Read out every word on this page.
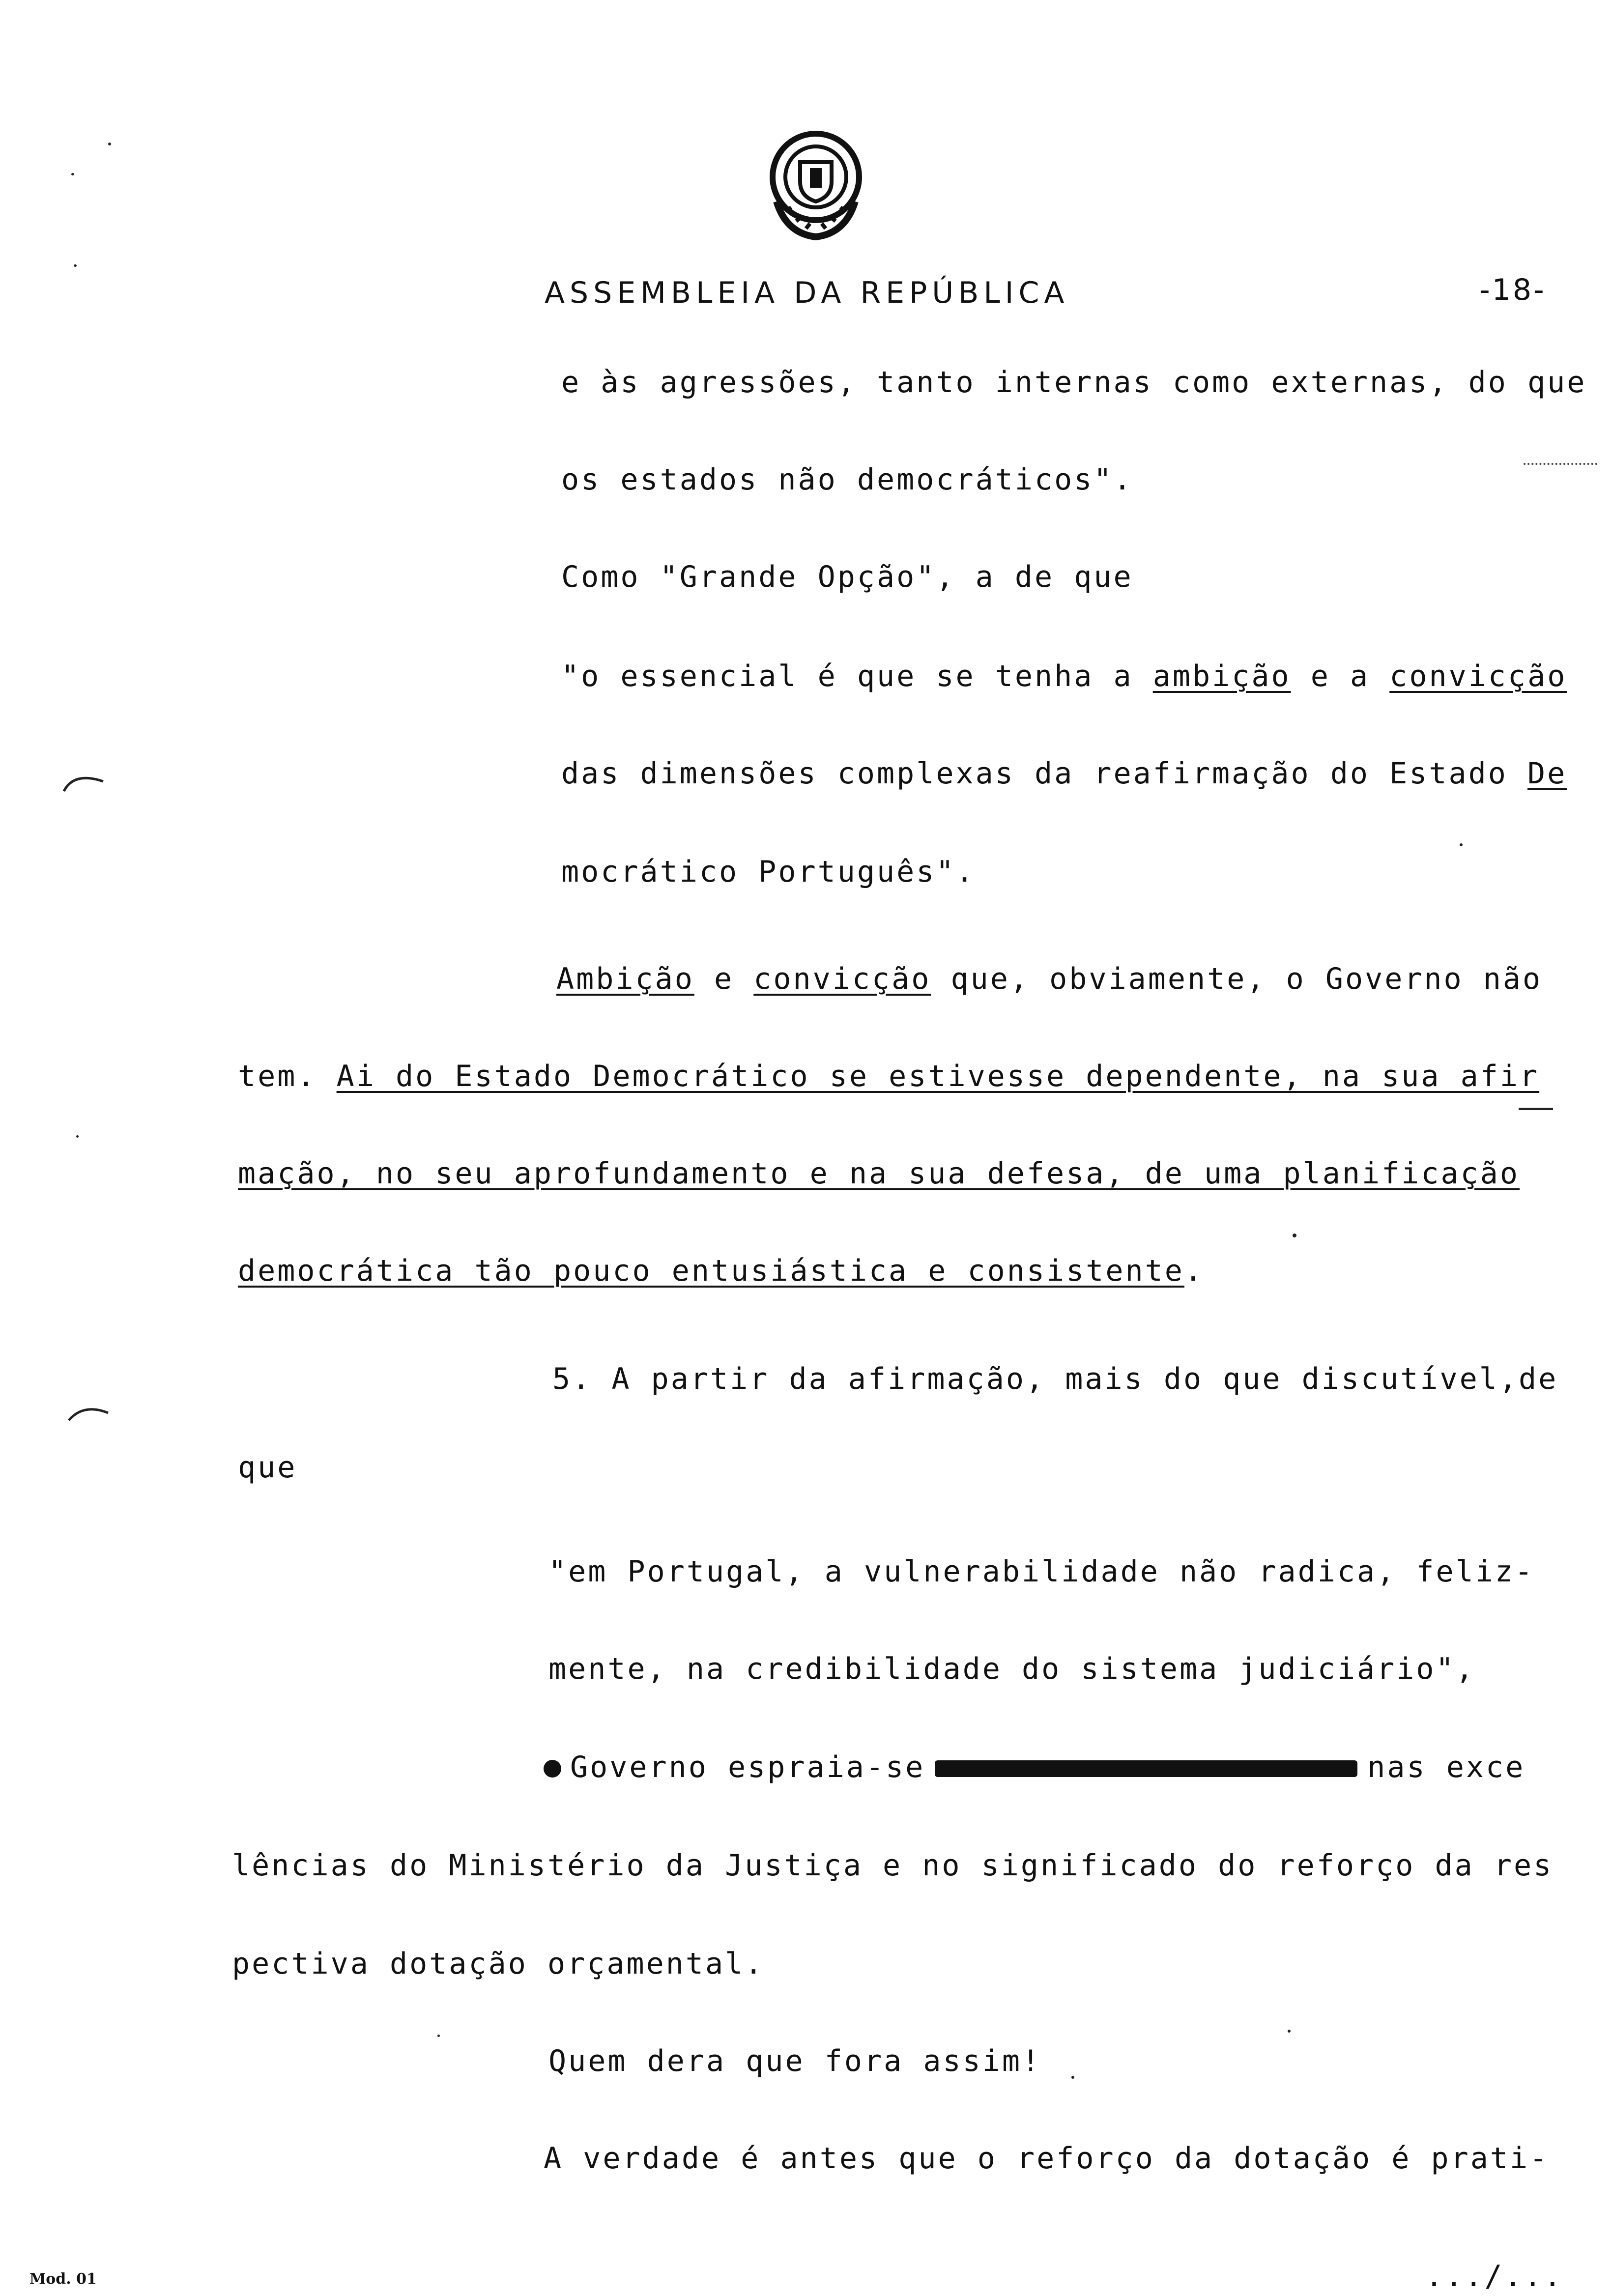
ASSEMBLEIA DA REPÚBLICA	-18-
e às agressões, tanto internas como externas, do que
os estados não democráticos".
Como "Grande Opção", a de que
"o essencial é que se tenha a ambição e a convicção
das dimensões complexas da reafirmação do Estado De
mocrático Português".
Ambição e convicção que, obviamente, o Governo não
tem. Ai do Estado Democrático se estivesse dependente, na sua afir
mação, no seu aprofundamento e na sua defesa, de uma planificação
democrática tão pouco entusiástica e consistente.
5. A partir da afirmação, mais do que discutível,de
que
"em Portugal, a vulnerabilidade não radica, feliz-
mente, na credibilidade do sistema judiciário",
Governo espraia-se	nas exce
lências do Ministério da Justiça e no significado do reforço da res
pectiva dotação orçamental.
Quem dera que fora assim!
A verdade é antes que o reforço da dotação é prati-
Mod. 01	.../...
